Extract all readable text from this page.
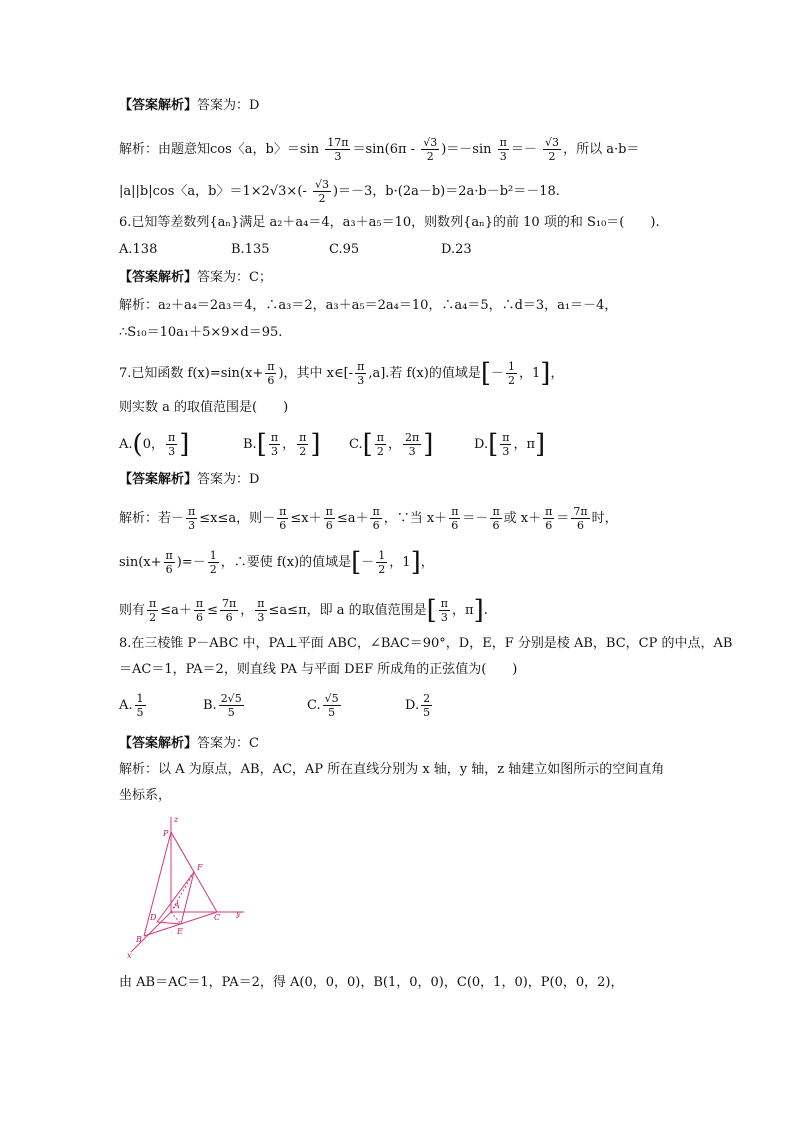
【答案解析】答案为：D
解析：由题意知cos〈a，b〉$=\sin \frac{17\pi}{3} =\sin(6\pi - \frac{√3}{2} )=-\sin \frac{\pi}{3} =- \frac{√3}{2}$ ，所以 a·b＝
|a||b|cos〈a，b〉$=1\times 2√3\times(- \frac{√3}{2} )=-3$，b·(2a－b)＝2a·b－b²＝－18.
6.已知等差数列{aₙ}满足 a₂＋a₄＝4，a₃＋a₅＝10，则数列{aₙ}的前 10 项的和 S₁₀＝(　　).
A.138	B.135	C.95	D.23
【答案解析】答案为：C；
解析：a₂＋a₄＝2a₃＝4，∴a₃＝2，a₃＋a₅＝2a₄＝10，∴a₄＝5，∴d＝3，a₁＝－4，
∴S₁₀＝10a₁＋5×9×d＝95.
7.已知函数 $f(x)=\sin(x+ \frac{\pi}{6}$ )，其中 x∈[- $\frac{\pi}{3} ,a$].若 f(x)的值域是[－ $\frac{1}{2}$ ，1]，
则实数 a 的取值范围是(　　)
A.(0， $\frac{\pi}{3}$ ]	$B.[ \frac{\pi}{3}$ ， $\frac{\pi}{2}$ ] $C.[ \frac{\pi}{2}$ ， $\frac{2\pi}{3}$ ]	$D.[ \frac{\pi}{3}$ ，π]
【答案解析】答案为：D
解析：若－ $\frac{\pi}{3} \le x\le a$，则－ $\frac{\pi}{6} \le x+ \frac{\pi}{6} \le a+ \frac{\pi}{6}$ ，∵当 $x+ \frac{\pi}{6} =- \frac{\pi}{6}$ 或 $x+ \frac{\pi}{6} = \frac{7\pi}{6}$ 时，
$\sin(x+ \frac{\pi}{6}$ )=－ $\frac{1}{2}$ ，∴要使 f(x)的值域是[－ $\frac{1}{2}$ ，1]，
则有 $\frac{\pi}{2} \le a+ \frac{\pi}{6} \le \frac{7\pi}{6}$ ， $\frac{\pi}{3} \le a\le\pi$，即 a 的取值范围是[ $\frac{\pi}{3}$ ，π].
8.在三棱锥 P－ABC 中，PA⊥平面 ABC，∠BAC＝90°，D，E，F 分别是棱 AB，BC，CP 的中点，AB
＝AC＝1，PA＝2，则直线 PA 与平面 DEF 所成角的正弦值为(　　)
A. $\frac{1}{5}$	B. $\frac{2√5}{5}$	C. $\frac{√5}{5}$	D. $\frac{2}{5}$
【答案解析】答案为：C
解析：以 A 为原点，AB，AC，AP 所在直线分别为 x 轴，y 轴，z 轴建立如图所示的空间直角
坐标系，
z
P
F
A
D	C y
E
B
x
由 AB＝AC＝1，PA＝2，得 A(0，0，0)，B(1，0，0)，C(0，1，0)，P(0，0，2)，
